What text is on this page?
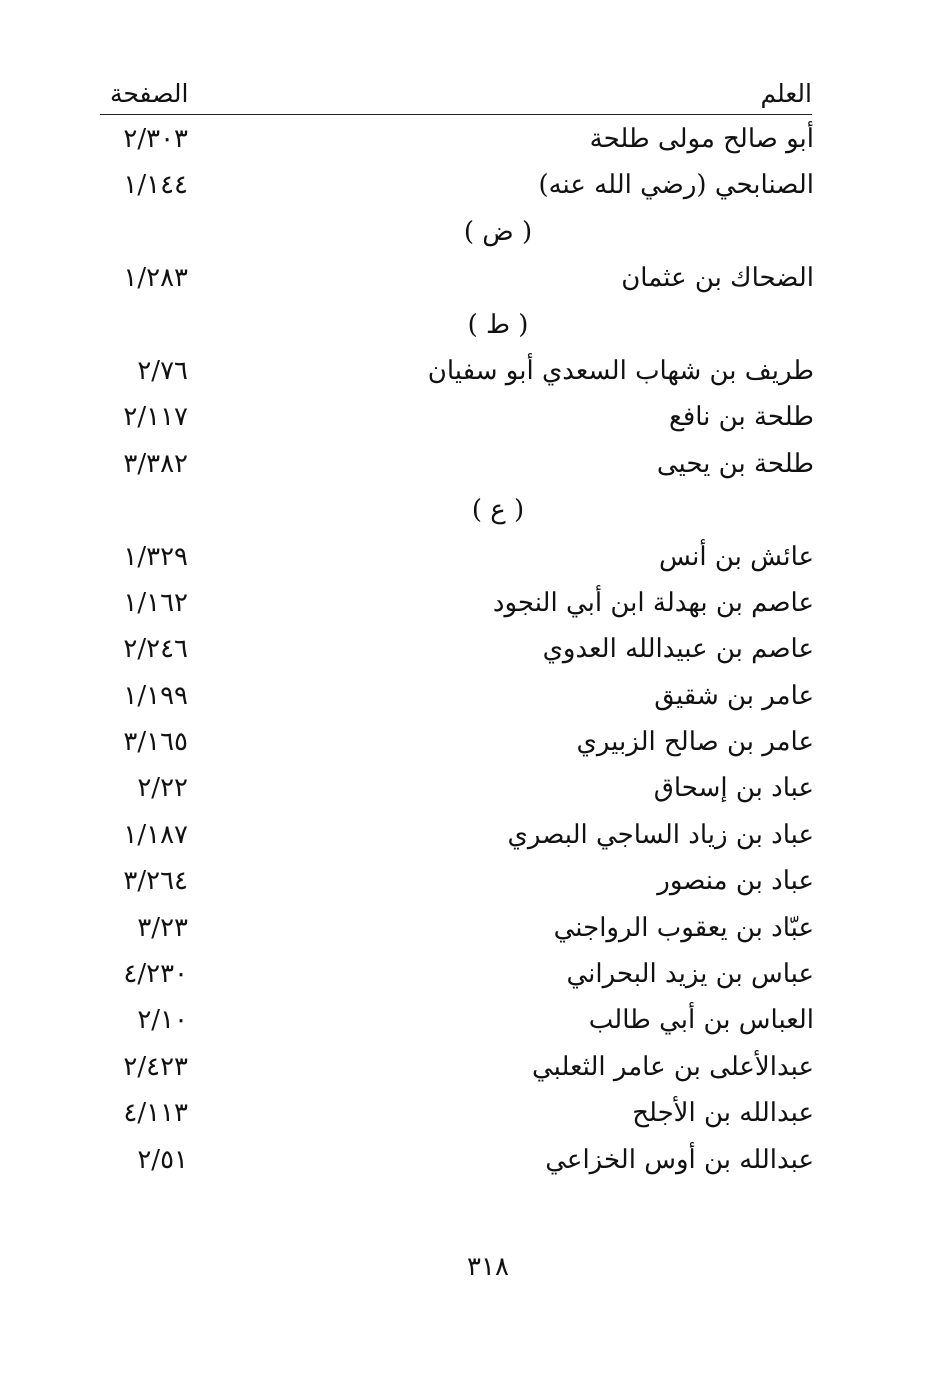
العلم
الصفحة
أبو صالح مولى طلحة
٢/٣٠٣
الصنابحي (رضي الله عنه)
١/١٤٤
( ض )
الضحاك بن عثمان
١/٢٨٣
( ط )
طريف بن شهاب السعدي أبو سفيان
٢/٧٦
طلحة بن نافع
٢/١١٧
طلحة بن يحيى
٣/٣٨٢
( ع )
عائش بن أنس
١/٣٢٩
عاصم بن بهدلة ابن أبي النجود
١/١٦٢
عاصم بن عبيدالله العدوي
٢/٢٤٦
عامر بن شقيق
١/١٩٩
عامر بن صالح الزبيري
٣/١٦٥
عباد بن إسحاق
٢/٢٢
عباد بن زياد الساجي البصري
١/١٨٧
عباد بن منصور
٣/٢٦٤
عبّاد بن يعقوب الرواجني
٣/٢٣
عباس بن يزيد البحراني
٤/٢٣٠
العباس بن أبي طالب
٢/١٠
عبدالأعلى بن عامر الثعلبي
٢/٤٢٣
عبدالله بن الأجلح
٤/١١٣
عبدالله بن أوس الخزاعي
٢/٥١
٣١٨
